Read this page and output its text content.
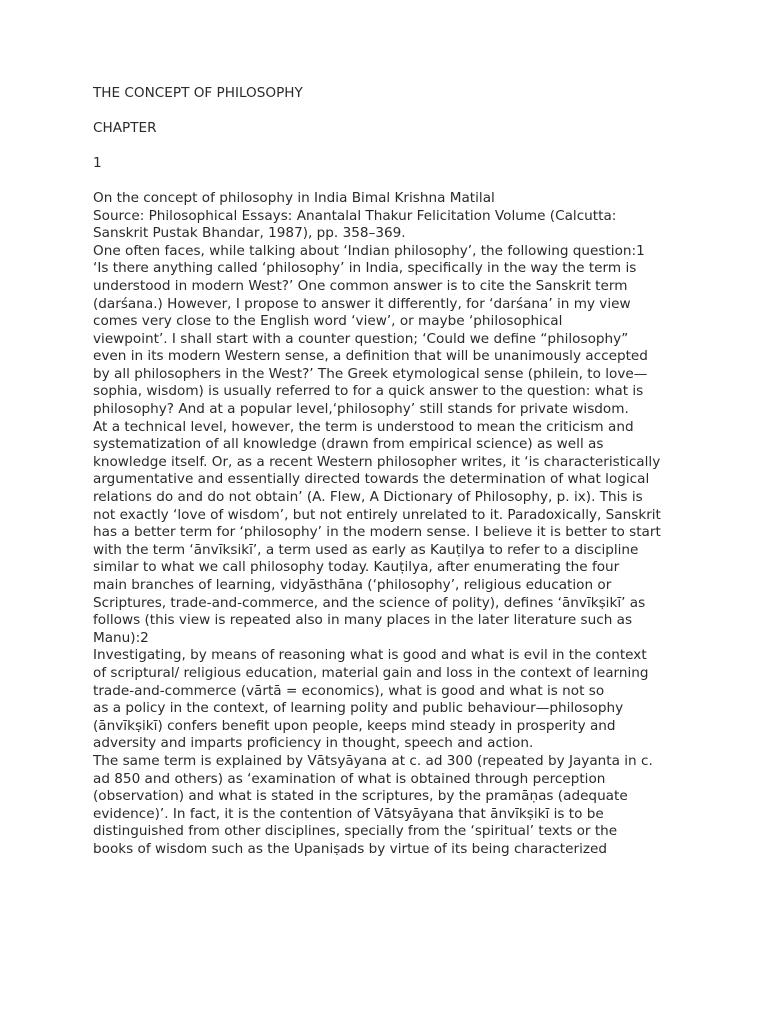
THE CONCEPT OF PHILOSOPHY

CHAPTER

1

On the concept of philosophy in India Bimal Krishna Matilal

Source: Philosophical Essays: Anantalal Thakur Felicitation Volume (Calcutta:
Sanskrit Pustak Bhandar, 1987), pp. 358–369.
One often faces, while talking about ‘Indian philosophy’, the following question:1
‘Is there anything called ‘philosophy’ in India, specifically in the way the term is
understood in modern West?’ One common answer is to cite the Sanskrit term
(darśana.) However, I propose to answer it differently, for ‘darśana’ in my view
comes very close to the English word ‘view’, or maybe ‘philosophical
viewpoint’. I shall start with a counter question; ‘Could we define “philosophy”
even in its modern Western sense, a definition that will be unanimously accepted
by all philosophers in the West?’ The Greek etymological sense (philein, to love—
sophia, wisdom) is usually referred to for a quick answer to the question: what is
philosophy? And at a popular level,‘philosophy’ still stands for private wisdom.
At a technical level, however, the term is understood to mean the criticism and
systematization of all knowledge (drawn from empirical science) as well as
knowledge itself. Or, as a recent Western philosopher writes, it ‘is characteristically
argumentative and essentially directed towards the determination of what logical
relations do and do not obtain’ (A. Flew, A Dictionary of Philosophy, p. ix). This is
not exactly ‘love of wisdom’, but not entirely unrelated to it. Paradoxically, Sanskrit
has a better term for ‘philosophy’ in the modern sense. I believe it is better to start
with the term ‘ānvīksikī’, a term used as early as Kauṭilya to refer to a discipline
similar to what we call philosophy today. Kauṭilya, after enumerating the four
main branches of learning, vidyāsthāna (‘philosophy’, religious education or
Scriptures, trade-and-commerce, and the science of polity), defines ‘ānvīkṣikī’ as
follows (this view is repeated also in many places in the later literature such as
Manu):2
Investigating, by means of reasoning what is good and what is evil in the context
of scriptural/ religious education, material gain and loss in the context of learning
trade-and-commerce (vārtā = economics), what is good and what is not so
as a policy in the context, of learning polity and public behaviour—philosophy
(ānvīkṣikī) confers benefit upon people, keeps mind steady in prosperity and
adversity and imparts proficiency in thought, speech and action.
The same term is explained by Vātsyāyana at c. ad 300 (repeated by Jayanta in c.
ad 850 and others) as ‘examination of what is obtained through perception
(observation) and what is stated in the scriptures, by the pramāṇas (adequate
evidence)’. In fact, it is the contention of Vātsyāyana that ānvīkṣikī is to be
distinguished from other disciplines, specially from the ‘spiritual’ texts or the
books of wisdom such as the Upaniṣads by virtue of its being characterized
